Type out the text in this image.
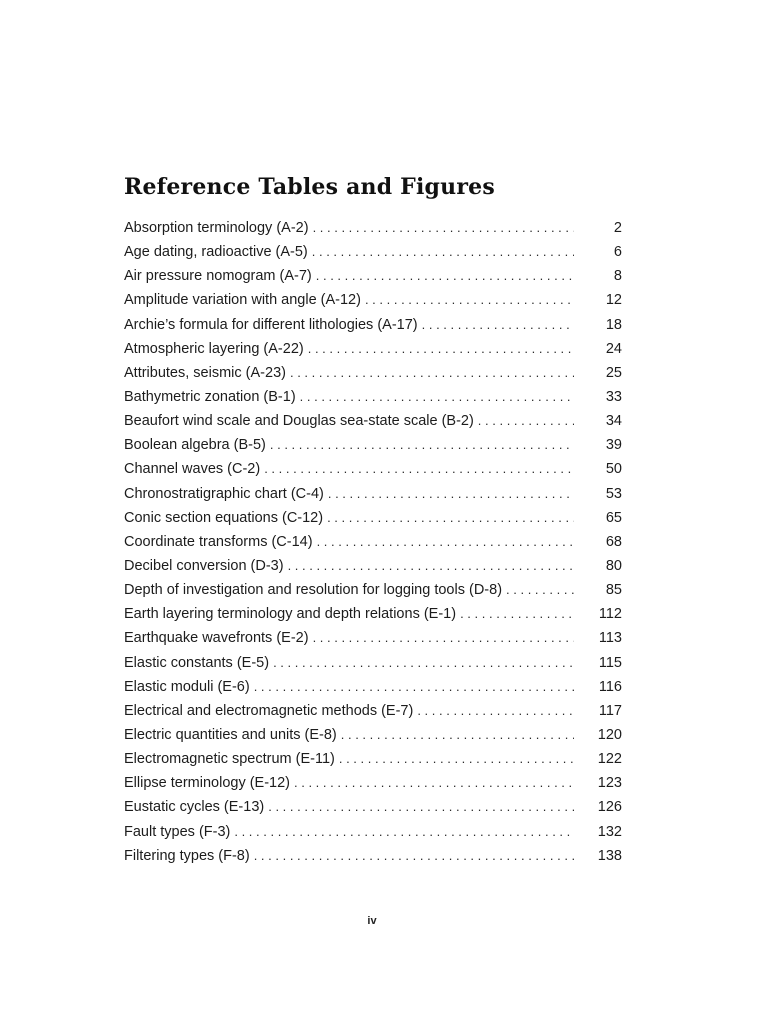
Reference Tables and Figures
Absorption terminology (A-2) . . .	2
Age dating, radioactive (A-5) . . .	6
Air pressure nomogram (A-7) . . .	8
Amplitude variation with angle (A-12) . . .	12
Archie’s formula for different lithologies (A-17) . . .	18
Atmospheric layering (A-22) . . .	24
Attributes, seismic (A-23) . . .	25
Bathymetric zonation (B-1) . . .	33
Beaufort wind scale and Douglas sea-state scale (B-2) . . .	34
Boolean algebra (B-5) . . .	39
Channel waves (C-2) . . .	50
Chronostratigraphic chart (C-4) . . .	53
Conic section equations (C-12) . . .	65
Coordinate transforms (C-14) . . .	68
Decibel conversion (D-3) . . .	80
Depth of investigation and resolution for logging tools (D-8) . . .	85
Earth layering terminology and depth relations (E-1) . . .	112
Earthquake wavefronts (E-2) . . .	113
Elastic constants (E-5) . . .	115
Elastic moduli (E-6) . . .	116
Electrical and electromagnetic methods (E-7) . . .	117
Electric quantities and units (E-8) . . .	120
Electromagnetic spectrum (E-11) . . .	122
Ellipse terminology (E-12) . . .	123
Eustatic cycles (E-13) . . .	126
Fault types (F-3) . . .	132
Filtering types (F-8) . . .	138
iv
